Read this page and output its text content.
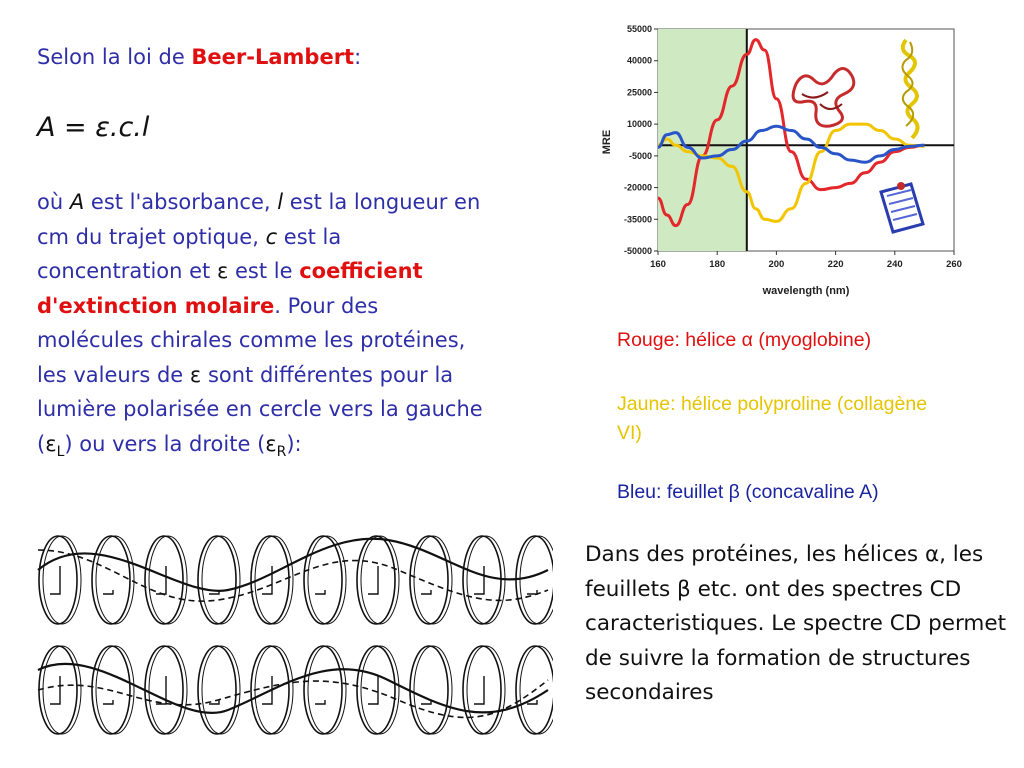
Selon la loi de Beer-Lambert:
A = ε.c.l
où A est l'absorbance, l est la longueur en cm du trajet optique, c est la concentration et ε est le coefficient d'extinction molaire. Pour des molécules chirales comme les protéines, les valeurs de ε sont différentes pour la lumière polarisée en cercle vers la gauche $(\varepsilon_L)$ ou vers la droite $(\varepsilon_R)$:
55000
40000
25000
10000
-5000
-20000
-35000
-50000
160	180	200	220	240	260
MRE
wavelength (nm)
Rouge: hélice α (myoglobine)
Jaune: hélice polyproline (collagène VI)
Bleu: feuillet β (concavaline A)
Dans des protéines, les hélices α, les feuillets β etc. ont des spectres CD caracteristiques. Le spectre CD permet de suivre la formation de structures secondaires
